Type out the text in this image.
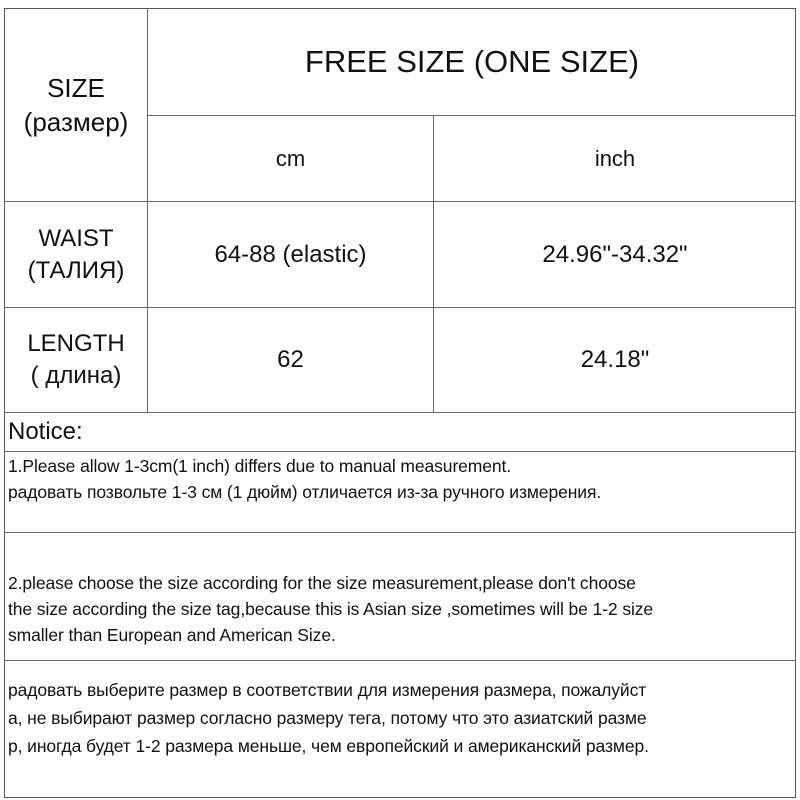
SIZE
(размер)
FREE SIZE (ONE SIZE)
cm	inch
WAIST
(ТАЛИЯ)
64-88 (elastic)	24.96"-34.32"
LENGTH
( длина)
62	24.18"
Notice:
1.Please allow 1-3cm(1 inch) differs due to manual measurement.
радовать позвольте 1-3 см (1 дюйм) отличается из-за ручного измерения.
2.please choose the size according for the size measurement,please don't choose
the size according the size tag,because this is Asian size ,sometimes will be 1-2 size
smaller than European and American Size.
радовать выберите размер в соответствии для измерения размера, пожалуйст
а, не выбирают размер согласно размеру тега, потому что это азиатский разме
р, иногда будет 1-2 размера меньше, чем европейский и американский размер.
